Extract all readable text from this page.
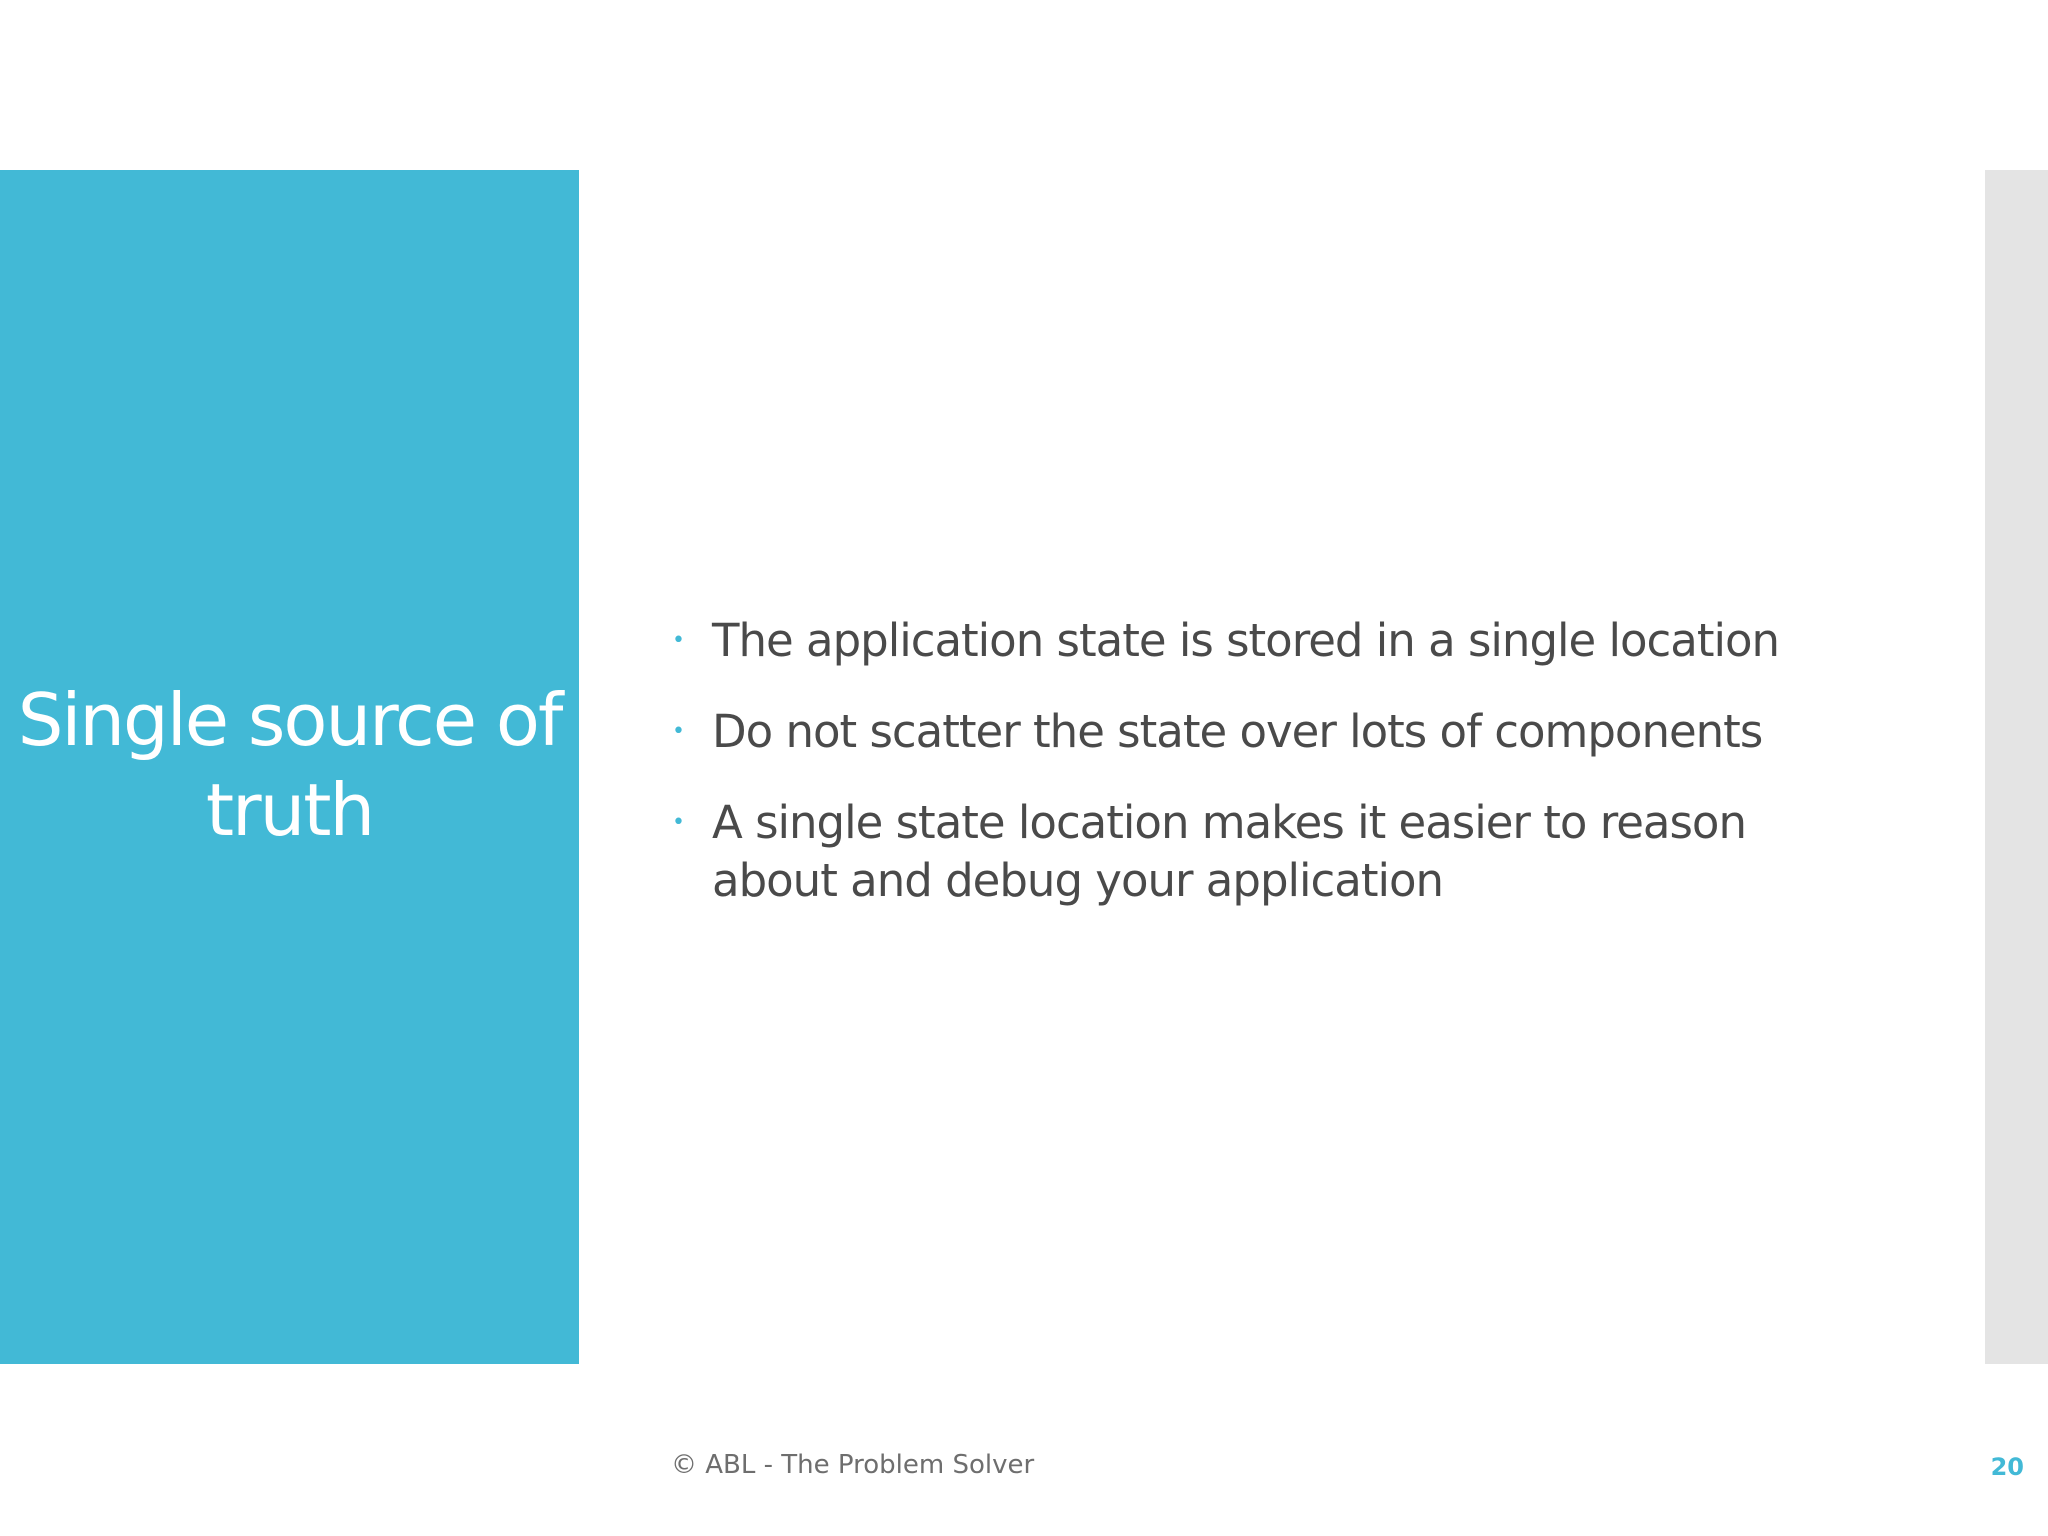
Single source of truth
• The application state is stored in a single location
• Do not scatter the state over lots of components
• A single state location makes it easier to reason about and debug your application
© ABL - The Problem Solver	20
